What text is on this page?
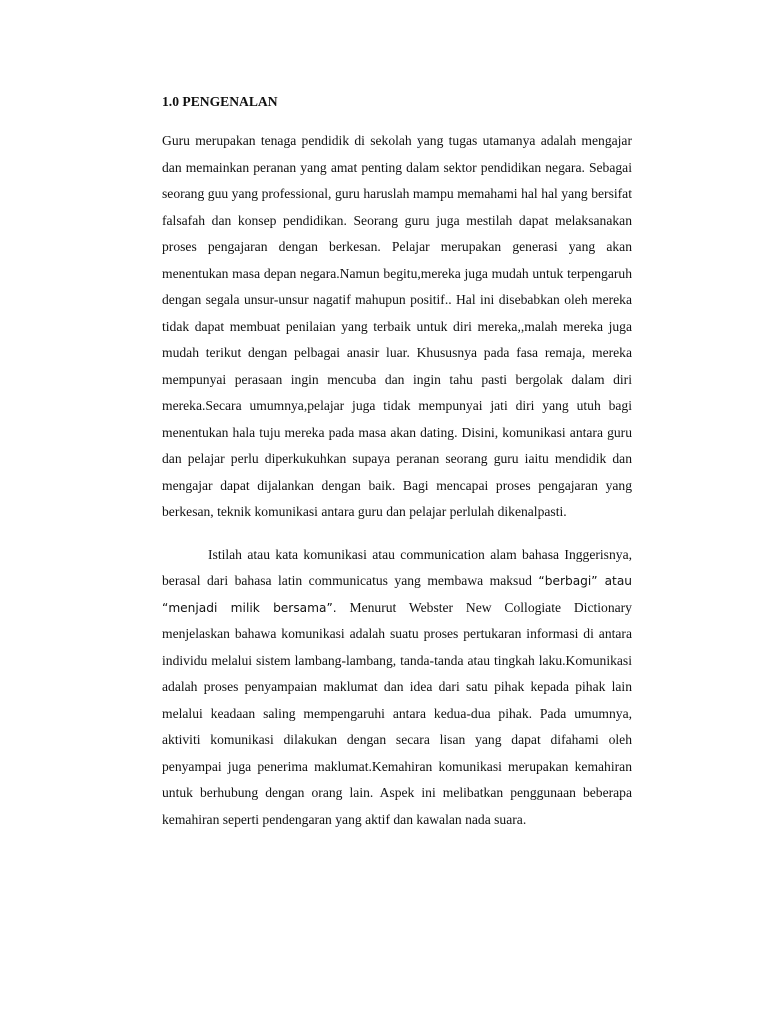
1.0 PENGENALAN

Guru merupakan tenaga pendidik di sekolah yang tugas utamanya adalah mengajar dan memainkan peranan yang amat penting dalam sektor pendidikan negara. Sebagai seorang guu yang professional, guru haruslah mampu memahami hal hal yang bersifat falsafah dan konsep pendidikan. Seorang guru juga mestilah dapat melaksanakan proses pengajaran dengan berkesan. Pelajar merupakan generasi yang akan menentukan masa depan negara.Namun begitu,mereka juga mudah untuk terpengaruh dengan segala unsur-unsur nagatif mahupun positif.. Hal ini disebabkan oleh mereka tidak dapat membuat penilaian yang terbaik untuk diri mereka,,malah mereka juga mudah terikut dengan pelbagai anasir luar. Khususnya pada fasa remaja, mereka mempunyai perasaan ingin mencuba dan ingin tahu pasti bergolak dalam diri mereka.Secara umumnya,pelajar juga tidak mempunyai jati diri yang utuh bagi menentukan hala tuju mereka pada masa akan dating. Disini, komunikasi antara guru dan pelajar perlu diperkukuhkan supaya peranan seorang guru iaitu mendidik dan mengajar dapat dijalankan dengan baik. Bagi mencapai proses pengajaran yang berkesan, teknik komunikasi antara guru dan pelajar perlulah dikenalpasti.

Istilah atau kata komunikasi atau communication alam bahasa Inggerisnya, berasal dari bahasa latin communicatus yang membawa maksud “berbagi” atau “menjadi milik bersama”. Menurut Webster New Collogiate Dictionary menjelaskan bahawa komunikasi adalah suatu proses pertukaran informasi di antara individu melalui sistem lambang-lambang, tanda-tanda atau tingkah laku.Komunikasi adalah proses penyampaian maklumat dan idea dari satu pihak kepada pihak lain melalui keadaan saling mempengaruhi antara kedua-dua pihak. Pada umumnya, aktiviti komunikasi dilakukan dengan secara lisan yang dapat difahami oleh penyampai juga penerima maklumat.Kemahiran komunikasi merupakan kemahiran untuk berhubung dengan orang lain. Aspek ini melibatkan penggunaan beberapa kemahiran seperti pendengaran yang aktif dan kawalan nada suara.
